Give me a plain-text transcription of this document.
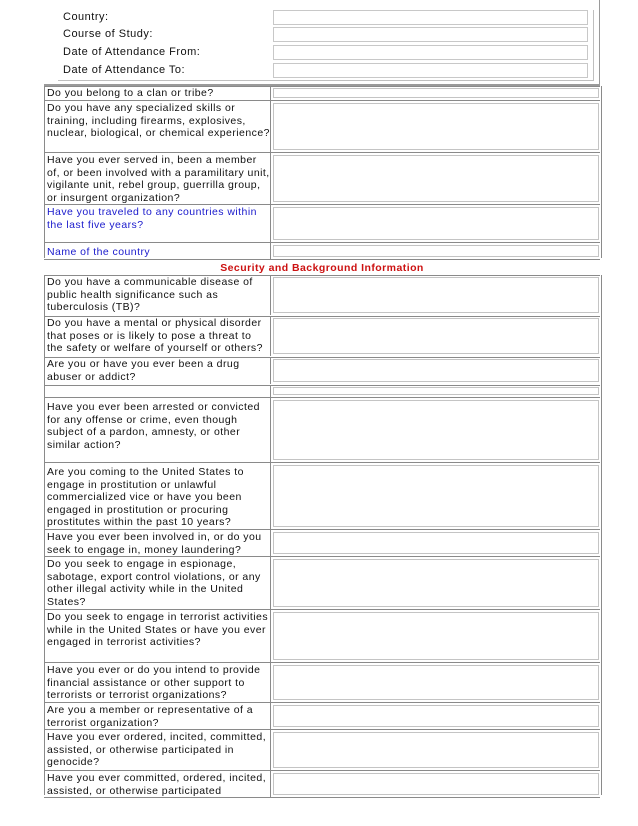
Country:
Course of Study:
Date of Attendance From:
Date of Attendance To:
Do you belong to a clan or tribe?
Do you have any specialized skills or training, including firearms, explosives, nuclear, biological, or chemical experience?
Have you ever served in, been a member of, or been involved with a paramilitary unit, vigilante unit, rebel group, guerrilla group, or insurgent organization?
Have you traveled to any countries within the last five years?
Name of the country
Security and Background Information
Do you have a communicable disease of public health significance such as tuberculosis (TB)?
Do you have a mental or physical disorder that poses or is likely to pose a threat to the safety or welfare of yourself or others?
Are you or have you ever been a drug abuser or addict?
Have you ever been arrested or convicted for any offense or crime, even though subject of a pardon, amnesty, or other similar action?
Are you coming to the United States to engage in prostitution or unlawful commercialized vice or have you been engaged in prostitution or procuring prostitutes within the past 10 years?
Have you ever been involved in, or do you seek to engage in, money laundering?
Do you seek to engage in espionage, sabotage, export control violations, or any other illegal activity while in the United States?
Do you seek to engage in terrorist activities while in the United States or have you ever engaged in terrorist activities?
Have you ever or do you intend to provide financial assistance or other support to terrorists or terrorist organizations?
Are you a member or representative of a terrorist organization?
Have you ever ordered, incited, committed, assisted, or otherwise participated in genocide?
Have you ever committed, ordered, incited, assisted, or otherwise participated
